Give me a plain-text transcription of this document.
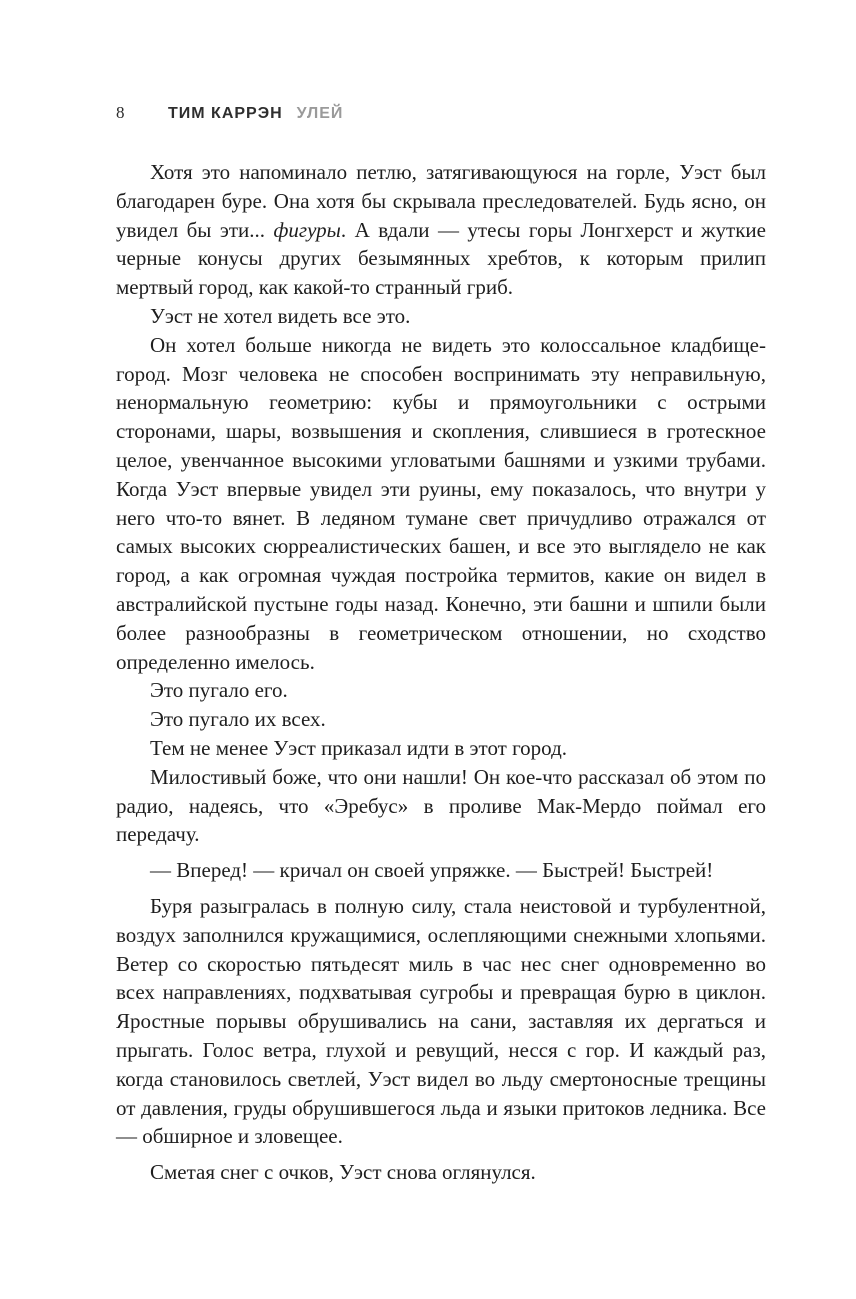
8	ТИМ КАРРЭН УЛЕЙ

Хотя это напоминало петлю, затягивающуюся на горле, Уэст был благодарен буре. Она хотя бы скрывала преследователей. Будь ясно, он увидел бы эти... фигуры. А вдали — утесы горы Лонгхерст и жуткие черные конусы других безымянных хребтов, к которым прилип мертвый город, как какой-то странный гриб.

Уэст не хотел видеть все это.

Он хотел больше никогда не видеть это колоссальное кладбище-город. Мозг человека не способен воспринимать эту неправильную, ненормальную геометрию: кубы и прямоугольники с острыми сторонами, шары, возвышения и скопления, слившиеся в гротескное целое, увенчанное высокими угловатыми башнями и узкими трубами. Когда Уэст впервые увидел эти руины, ему показалось, что внутри у него что-то вянет. В ледяном тумане свет причудливо отражался от самых высоких сюрреалистических башен, и все это выглядело не как город, а как огромная чуждая постройка термитов, какие он видел в австралийской пустыне годы назад. Конечно, эти башни и шпили были более разнообразны в геометрическом отношении, но сходство определенно имелось.

Это пугало его.

Это пугало их всех.

Тем не менее Уэст приказал идти в этот город.

Милостивый боже, что они нашли! Он кое-что рассказал об этом по радио, надеясь, что «Эребус» в проливе Мак-Мердо поймал его передачу.

— Вперед! — кричал он своей упряжке. — Быстрей! Быстрей!

Буря разыгралась в полную силу, стала неистовой и турбулентной, воздух заполнился кружащимися, ослепляющими снежными хлопьями. Ветер со скоростью пятьдесят миль в час нес снег одновременно во всех направлениях, подхватывая сугробы и превращая бурю в циклон. Яростные порывы обрушивались на сани, заставляя их дергаться и прыгать. Голос ветра, глухой и ревущий, несся с гор. И каждый раз, когда становилось светлей, Уэст видел во льду смертоносные трещины от давления, груды обрушившегося льда и языки притоков ледника. Все — обширное и зловещее.

Сметая снег с очков, Уэст снова оглянулся.
